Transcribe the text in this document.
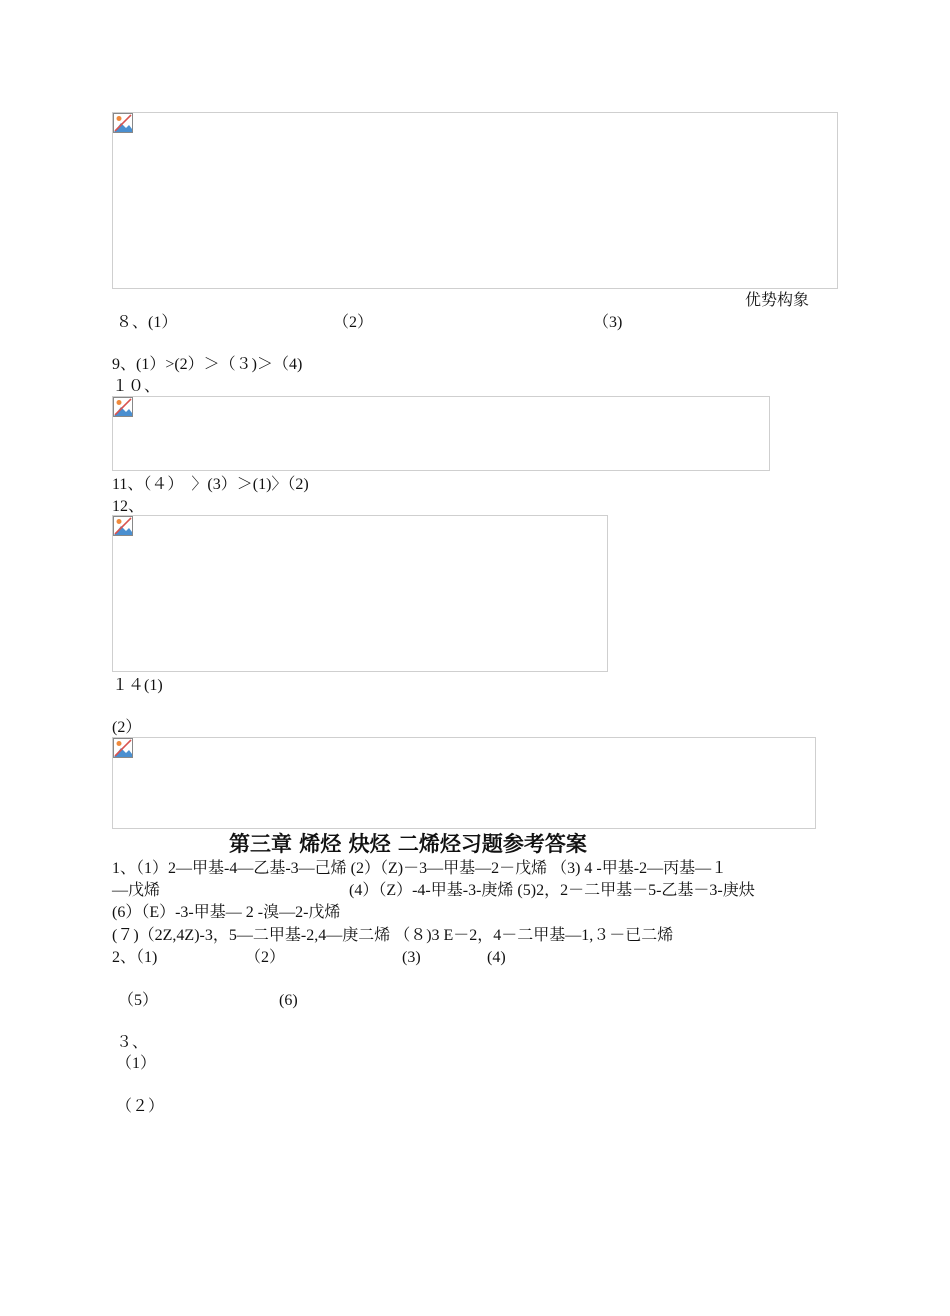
优势构象
８、(1）	（2）	（3)
9、(1）>(2）＞（３)＞（4)
１０、
11、（４）　〉(3）＞(1)〉（2)
12、
１４(1)
(2）
第三章 烯烃 炔烃 二烯烃习题参考答案
1、（1）2—甲基-4—乙基-3—己烯 (2）（Z)－3—甲基—2－戊烯 （3) 4 -甲基-2—丙基—１
—戊烯	(4）（Z）-4-甲基-3-庚烯 (5)2，2－二甲基－5-乙基－3-庚炔
(6）（E）-3-甲基— 2 -溴—2-戊烯
(７)（2Z,4Z)-3，5—二甲基-2,4—庚二烯 （８)3 E－2，4－二甲基—1,３－已二烯
2、（1)	（2）	(3)	(4)
（5）	(6)
３、
（1）
（２）
